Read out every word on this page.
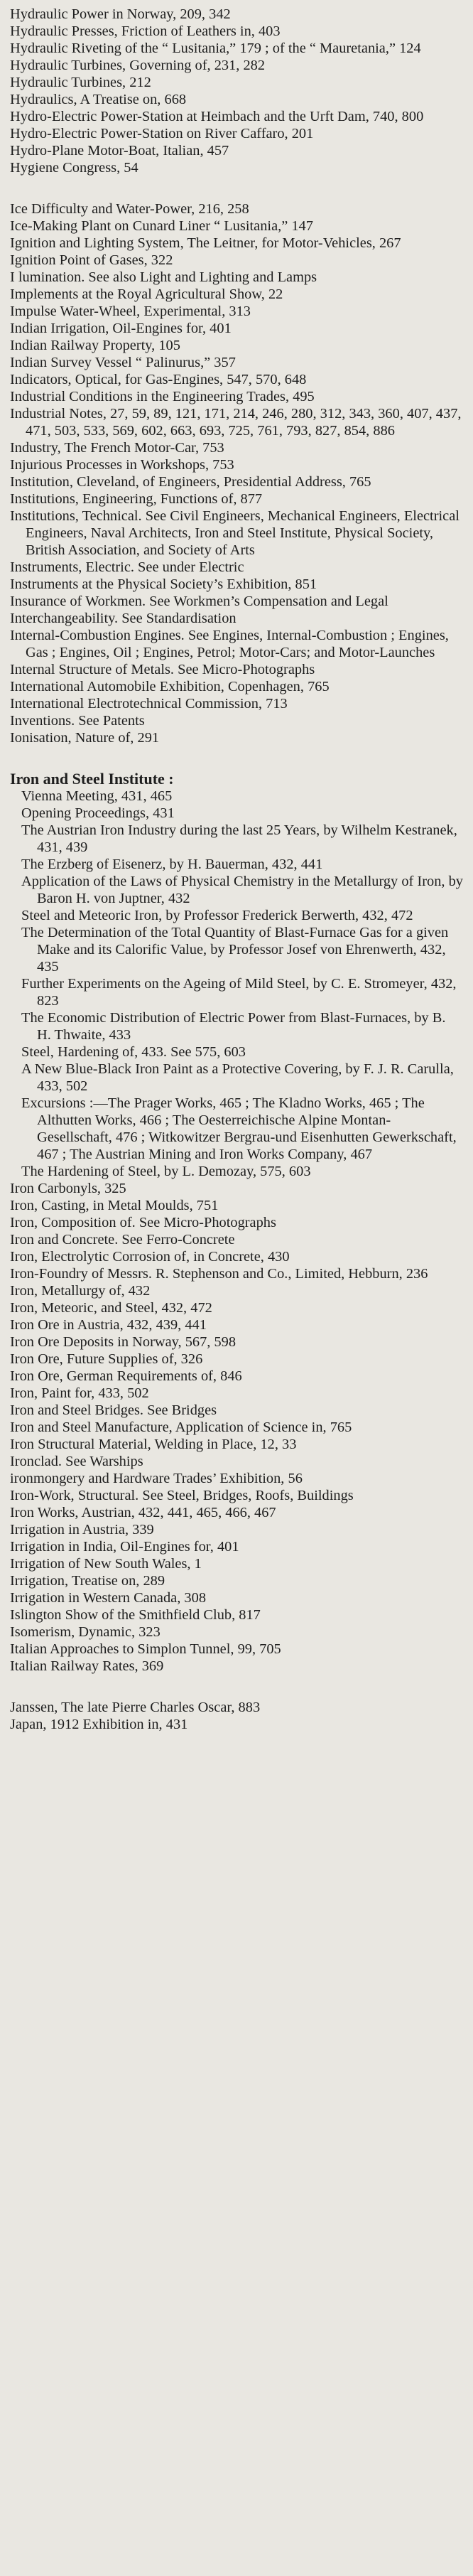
Hydraulic Power in Norway, 209, 342

Hydraulic Presses, Friction of Leathers in, 403

Hydraulic Riveting of the “ Lusitania,” 179 ; of the “ Mauretania,” 124

Hydraulic Turbines, Governing of, 231, 282

Hydraulic Turbines, 212

Hydraulics, A Treatise on, 668

Hydro-Electric Power-Station at Heimbach and the Urft Dam, 740, 800

Hydro-Electric Power-Station on River Caffaro, 201

Hydro-Plane Motor-Boat, Italian, 457

Hygiene Congress, 54

Ice Difficulty and Water-Power, 216, 258

Ice-Making Plant on Cunard Liner “ Lusitania,” 147

Ignition and Lighting System, The Leitner, for Motor-Vehicles, 267

Ignition Point of Gases, 322

I lumination. See also Light and Lighting and Lamps

Implements at the Royal Agricultural Show, 22

Impulse Water-Wheel, Experimental, 313

Indian Irrigation, Oil-Engines for, 401

Indian Railway Property, 105

Indian Survey Vessel “ Palinurus,” 357

Indicators, Optical, for Gas-Engines, 547, 570, 648

Industrial Conditions in the Engineering Trades, 495

Industrial Notes, 27, 59, 89, 121, 171, 214, 246, 280, 312, 343, 360, 407, 437, 471, 503, 533, 569, 602, 663, 693, 725, 761, 793, 827, 854, 886

Industry, The French Motor-Car, 753

Injurious Processes in Workshops, 753

Institution, Cleveland, of Engineers, Presidential Address, 765

Institutions, Engineering, Functions of, 877

Institutions, Technical. See Civil Engineers, Mechanical Engineers, Electrical Engineers, Naval Architects, Iron and Steel Institute, Physical Society, British Association, and Society of Arts

Instruments, Electric. See under Electric

Instruments at the Physical Society’s Exhibition, 851

Insurance of Workmen. See Workmen’s Compensation and Legal

Interchangeability. See Standardisation

Internal-Combustion Engines. See Engines, Internal-Combustion ; Engines, Gas ; Engines, Oil ; Engines, Petrol; Motor-Cars; and Motor-Launches

Internal Structure of Metals. See Micro-Photographs

International Automobile Exhibition, Copenhagen, 765

International Electrotechnical Commission, 713

Inventions. See Patents

Ionisation, Nature of, 291

Iron and Steel Institute :

Vienna Meeting, 431, 465

Opening Proceedings, 431

The Austrian Iron Industry during the last 25 Years, by Wilhelm Kestranek, 431, 439

The Erzberg of Eisenerz, by H. Bauerman, 432, 441

Application of the Laws of Physical Chemistry in the Metallurgy of Iron, by Baron H. von Juptner, 432

Steel and Meteoric Iron, by Professor Frederick Berwerth, 432, 472

The Determination of the Total Quantity of Blast-Furnace Gas for a given Make and its Calorific Value, by Professor Josef von Ehrenwerth, 432, 435

Further Experiments on the Ageing of Mild Steel, by C. E. Stromeyer, 432, 823

The Economic Distribution of Electric Power from Blast-Furnaces, by B. H. Thwaite, 433

Steel, Hardening of, 433. See 575, 603

A New Blue-Black Iron Paint as a Protective Covering, by F. J. R. Carulla, 433, 502

Excursions :—The Prager Works, 465 ; The Kladno Works, 465 ; The Althutten Works, 466 ; The Oesterreichische Alpine Montan-Gesellschaft, 476 ; Witkowitzer Bergrau-und Eisenhutten Gewerkschaft, 467 ; The Austrian Mining and Iron Works Company, 467

The Hardening of Steel, by L. Demozay, 575, 603

Iron Carbonyls, 325

Iron, Casting, in Metal Moulds, 751

Iron, Composition of. See Micro-Photographs

Iron and Concrete. See Ferro-Concrete

Iron, Electrolytic Corrosion of, in Concrete, 430

Iron-Foundry of Messrs. R. Stephenson and Co., Limited, Hebburn, 236

Iron, Metallurgy of, 432

Iron, Meteoric, and Steel, 432, 472

Iron Ore in Austria, 432, 439, 441

Iron Ore Deposits in Norway, 567, 598

Iron Ore, Future Supplies of, 326

Iron Ore, German Requirements of, 846

Iron, Paint for, 433, 502

Iron and Steel Bridges. See Bridges

Iron and Steel Manufacture, Application of Science in, 765

Iron Structural Material, Welding in Place, 12, 33

Ironclad. See Warships

ironmongery and Hardware Trades’ Exhibition, 56

Iron-Work, Structural. See Steel, Bridges, Roofs, Buildings

Iron Works, Austrian, 432, 441, 465, 466, 467

Irrigation in Austria, 339

Irrigation in India, Oil-Engines for, 401

Irrigation of New South Wales, 1

Irrigation, Treatise on, 289

Irrigation in Western Canada, 308

Islington Show of the Smithfield Club, 817

Isomerism, Dynamic, 323

Italian Approaches to Simplon Tunnel, 99, 705

Italian Railway Rates, 369

Janssen, The late Pierre Charles Oscar, 883

Japan, 1912 Exhibition in, 431
